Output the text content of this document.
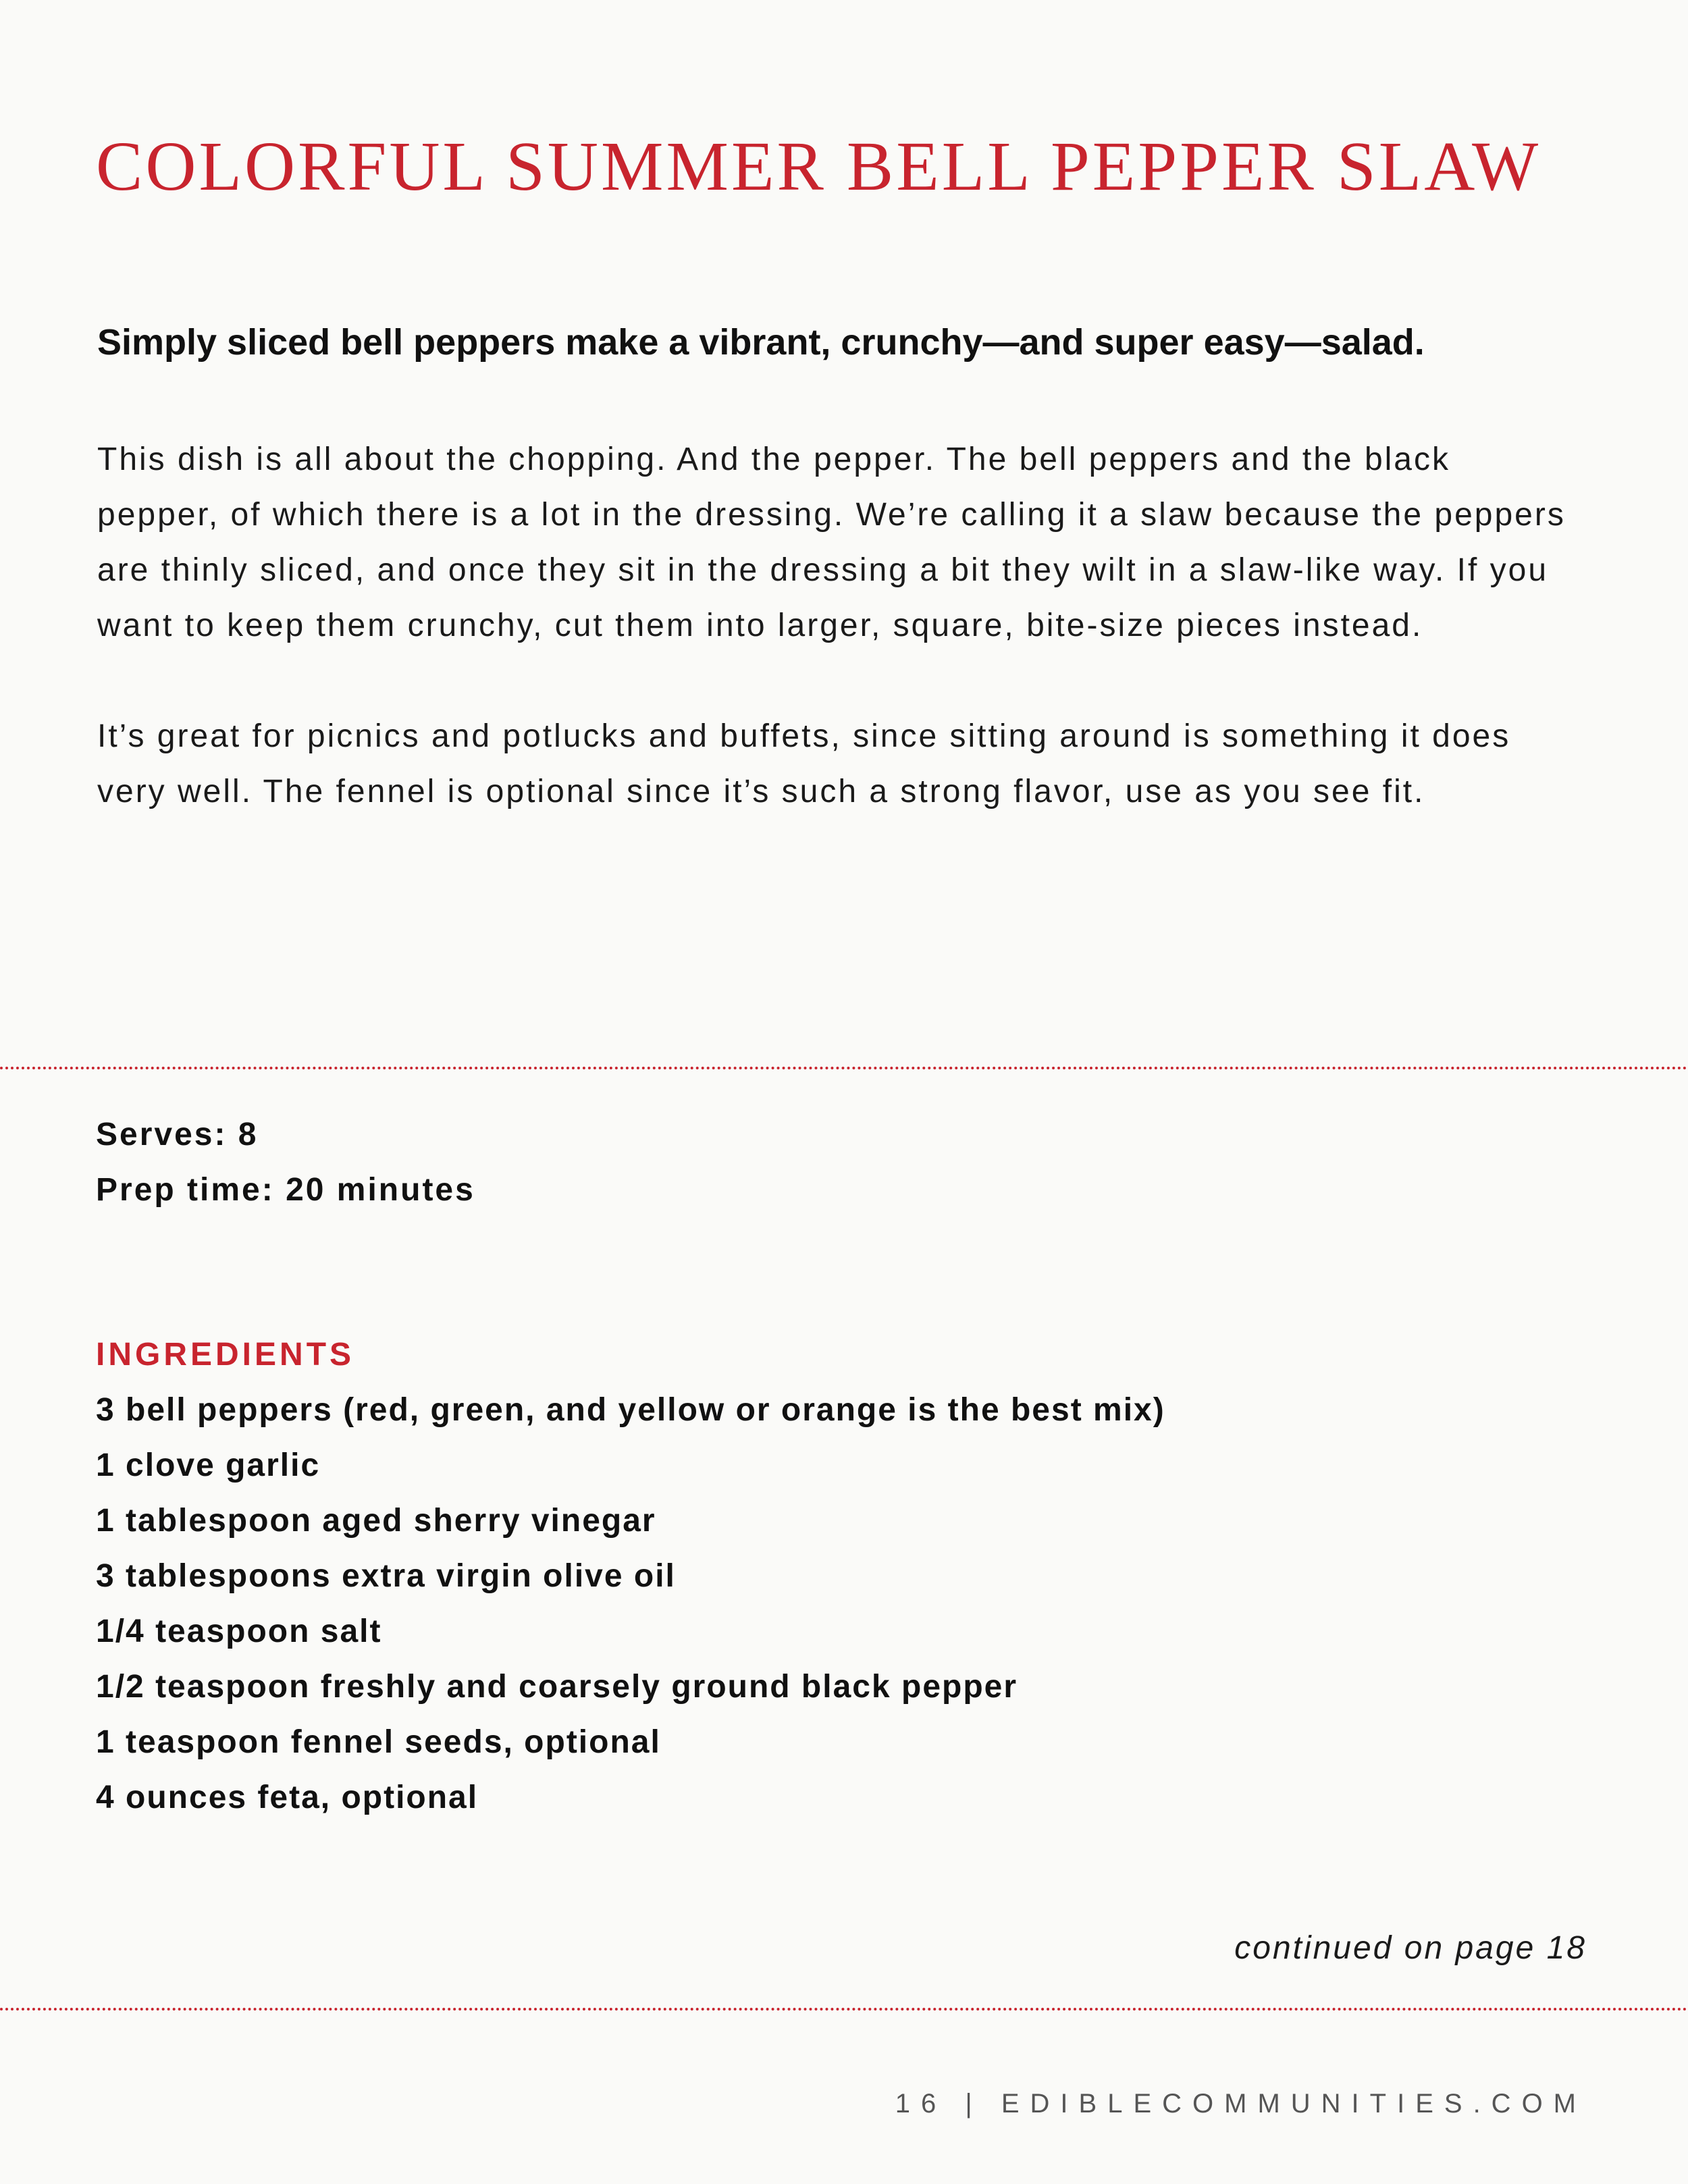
COLORFUL SUMMER BELL PEPPER SLAW

Simply sliced bell peppers make a vibrant, crunchy—and super easy—salad.

This dish is all about the chopping. And the pepper. The bell peppers and the black pepper, of which there is a lot in the dressing. We’re calling it a slaw because the peppers are thinly sliced, and once they sit in the dressing a bit they wilt in a slaw-like way. If you want to keep them crunchy, cut them into larger, square, bite-size pieces instead.

It’s great for picnics and potlucks and buffets, since sitting around is something it does very well. The fennel is optional since it’s such a strong flavor, use as you see fit.

Serves: 8
Prep time: 20 minutes
INGREDIENTS
3 bell peppers (red, green, and yellow or orange is the best mix)
1 clove garlic
1 tablespoon aged sherry vinegar
3 tablespoons extra virgin olive oil
1/4 teaspoon salt
1/2 teaspoon freshly and coarsely ground black pepper
1 teaspoon fennel seeds, optional
4 ounces feta, optional
continued on page 18
16 | EDIBLECOMMUNITIES.COM
